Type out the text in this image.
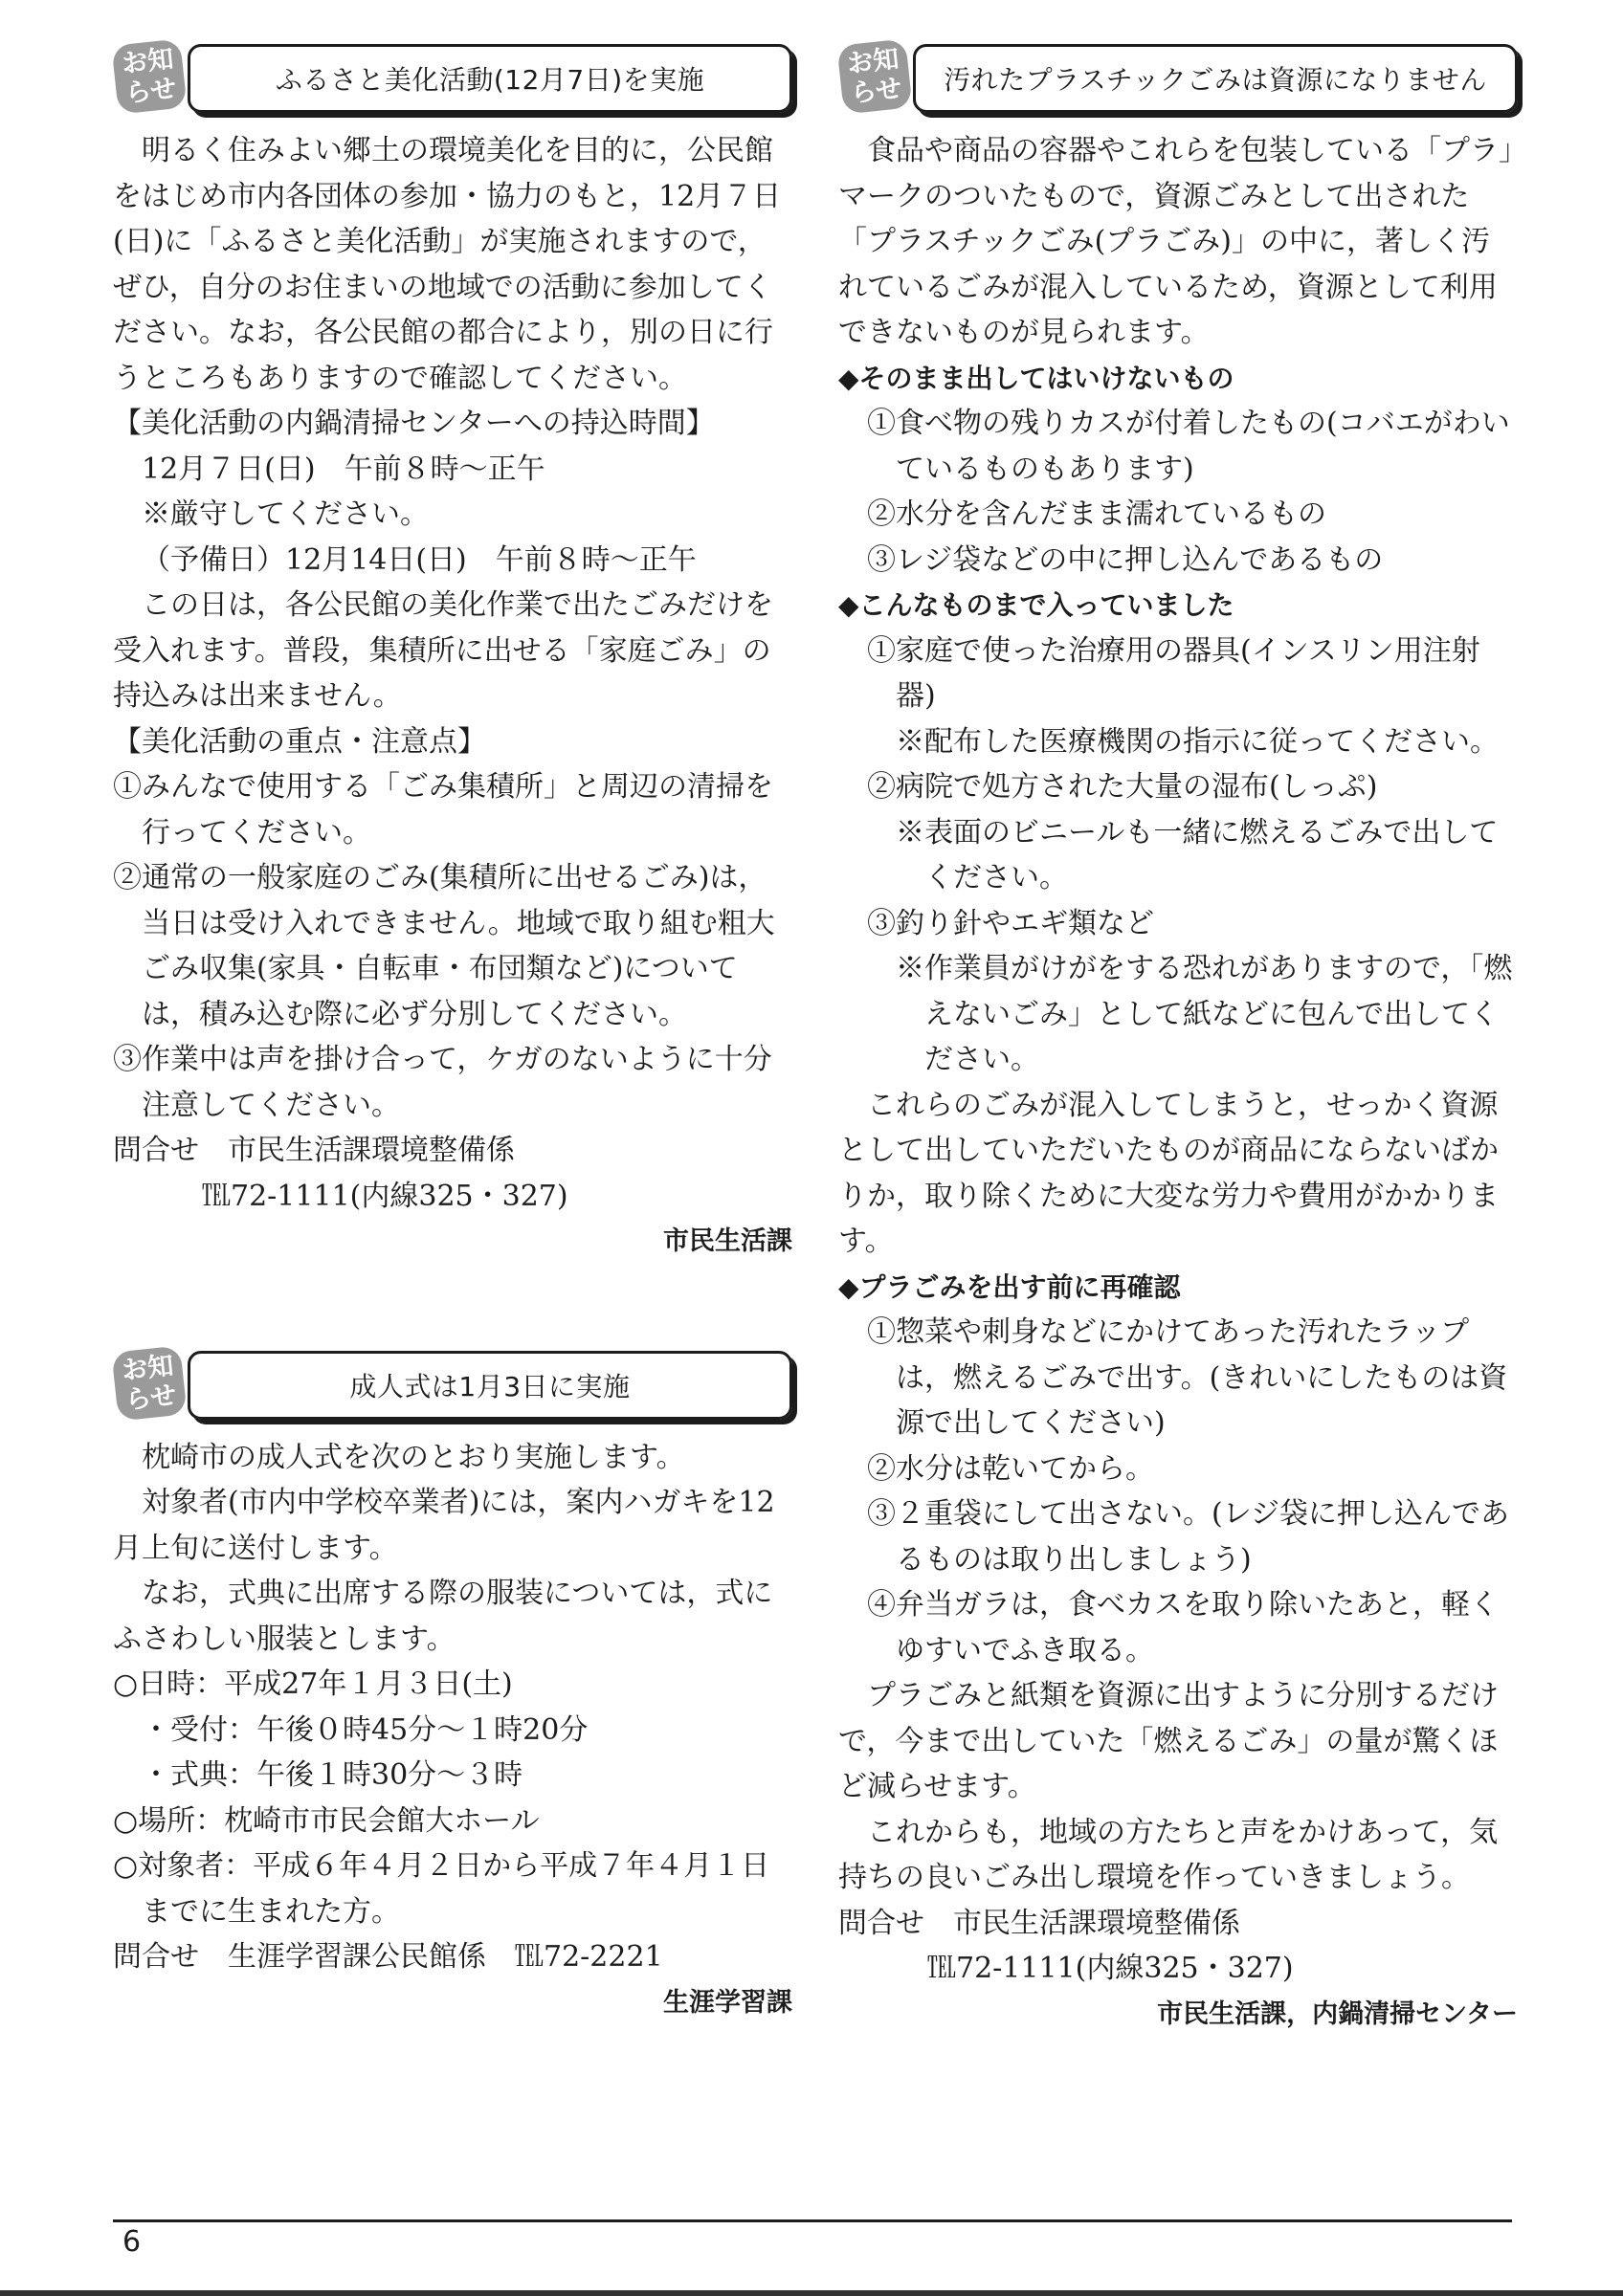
お知
らせ	ふるさと美化活動(12月7日)を実施

明るく住みよい郷土の環境美化を目的に，公民館をはじめ市内各団体の参加・協力のもと，12月７日(日)に「ふるさと美化活動」が実施されますので，ぜひ，自分のお住まいの地域での活動に参加してください。なお，各公民館の都合により，別の日に行うところもありますので確認してください。

【美化活動の内鍋清掃センターへの持込時間】

12月７日(日)　午前８時～正午

※厳守してください。

（予備日）12月14日(日)　午前８時～正午

この日は，各公民館の美化作業で出たごみだけを受入れます。普段，集積所に出せる「家庭ごみ」の持込みは出来ません。

【美化活動の重点・注意点】

①みんなで使用する「ごみ集積所」と周辺の清掃を行ってください。

②通常の一般家庭のごみ(集積所に出せるごみ)は，当日は受け入れできません。地域で取り組む粗大ごみ収集(家具・自転車・布団類など)については，積み込む際に必ず分別してください。

③作業中は声を掛け合って，ケガのないように十分注意してください。

問合せ　市民生活課環境整備係

℡72-1111(内線325・327)

市民生活課

お知
らせ	成人式は1月3日に実施

枕崎市の成人式を次のとおり実施します。

対象者(市内中学校卒業者)には，案内ハガキを12月上旬に送付します。

なお，式典に出席する際の服装については，式にふさわしい服装とします。

○日時：平成27年１月３日(土)

・受付：午後０時45分～１時20分

・式典：午後１時30分～３時

○場所：枕崎市市民会館大ホール

○対象者：平成６年４月２日から平成７年４月１日までに生まれた方。

問合せ　生涯学習課公民館係　℡72-2221

生涯学習課

お知
らせ	汚れたプラスチックごみは資源になりません

食品や商品の容器やこれらを包装している「プラ」マークのついたもので，資源ごみとして出された「プラスチックごみ(プラごみ)」の中に，著しく汚れているごみが混入しているため，資源として利用できないものが見られます。

◆そのまま出してはいけないもの

①食べ物の残りカスが付着したもの(コバエがわいているものもあります)

②水分を含んだまま濡れているもの

③レジ袋などの中に押し込んであるもの

◆こんなものまで入っていました

①家庭で使った治療用の器具(インスリン用注射器)

※配布した医療機関の指示に従ってください。

②病院で処方された大量の湿布(しっぷ)

※表面のビニールも一緒に燃えるごみで出してください。

③釣り針やエギ類など

※作業員がけがをする恐れがありますので，「燃えないごみ」として紙などに包んで出してください。

これらのごみが混入してしまうと，せっかく資源として出していただいたものが商品にならないばかりか，取り除くために大変な労力や費用がかかります。

◆プラごみを出す前に再確認

①惣菜や刺身などにかけてあった汚れたラップは，燃えるごみで出す。(きれいにしたものは資源で出してください)

②水分は乾いてから。

③２重袋にして出さない。(レジ袋に押し込んであるものは取り出しましょう)

④弁当ガラは，食べカスを取り除いたあと，軽くゆすいでふき取る。

プラごみと紙類を資源に出すように分別するだけで，今まで出していた「燃えるごみ」の量が驚くほど減らせます。

これからも，地域の方たちと声をかけあって，気持ちの良いごみ出し環境を作っていきましょう。

問合せ　市民生活課環境整備係

℡72-1111(内線325・327)

市民生活課，内鍋清掃センター

6
